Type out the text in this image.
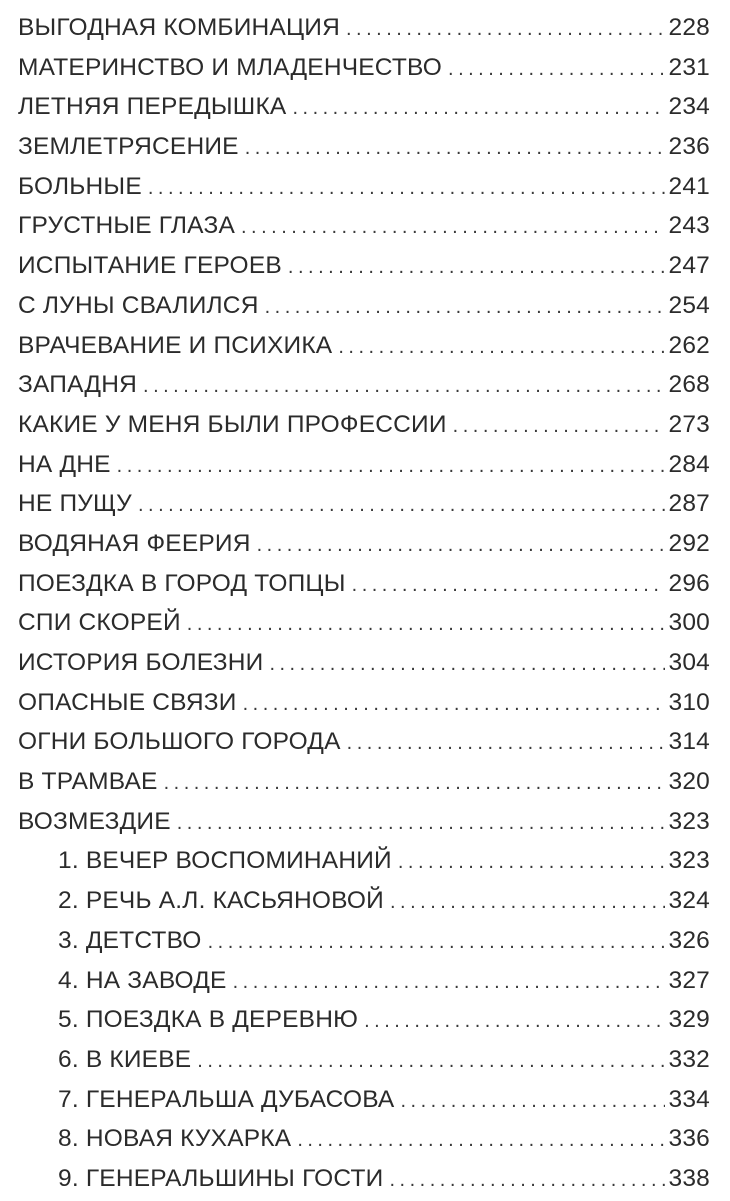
ВЫГОДНАЯ КОМБИНАЦИЯ .....	228
МАТЕРИНСТВО И МЛАДЕНЧЕСТВО .....	231
ЛЕТНЯЯ ПЕРЕДЫШКА .....	234
ЗЕМЛЕТРЯСЕНИЕ .....	236
БОЛЬНЫЕ .....	241
ГРУСТНЫЕ ГЛАЗА .....	243
ИСПЫТАНИЕ ГЕРОЕВ .....	247
С ЛУНЫ СВАЛИЛСЯ .....	254
ВРАЧЕВАНИЕ И ПСИХИКА .....	262
ЗАПАДНЯ .....	268
КАКИЕ У МЕНЯ БЫЛИ ПРОФЕССИИ .....	273
НА ДНЕ .....	284
НЕ ПУЩУ .....	287
ВОДЯНАЯ ФЕЕРИЯ .....	292
ПОЕЗДКА В ГОРОД ТОПЦЫ .....	296
СПИ СКОРЕЙ .....	300
ИСТОРИЯ БОЛЕЗНИ .....	304
ОПАСНЫЕ СВЯЗИ .....	310
ОГНИ БОЛЬШОГО ГОРОДА .....	314
В ТРАМВАЕ .....	320
ВОЗМЕЗДИЕ .....	323
1. ВЕЧЕР ВОСПОМИНАНИЙ .....	323
2. РЕЧЬ А.Л. КАСЬЯНОВОЙ .....	324
3. ДЕТСТВО .....	326
4. НА ЗАВОДЕ .....	327
5. ПОЕЗДКА В ДЕРЕВНЮ .....	329
6. В КИЕВЕ .....	332
7. ГЕНЕРАЛЬША ДУБАСОВА .....	334
8. НОВАЯ КУХАРКА .....	336
9. ГЕНЕРАЛЬШИНЫ ГОСТИ .....	338
